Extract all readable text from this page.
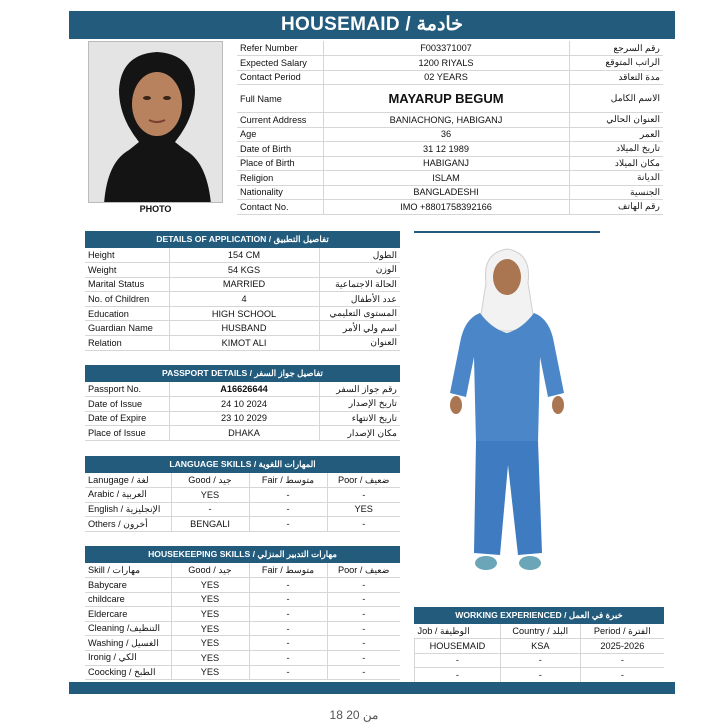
HOUSEMAID / خادمة
PHOTO
Refer Number	F003371007	رقم السرجع
Expected Salary	1200 RIYALS	الراتب المتوقع
Contact Period	02 YEARS	مدة التعاقد
Full Name	MAYARUP BEGUM	الاسم الكامل
Current Address	BANIACHONG, HABIGANJ	العنوان الحالي
Age	36	العمر
Date of Birth	31 12 1989	تاريخ الميلاد
Place of Birth	HABIGANJ	مكان الميلاد
Religion	ISLAM	الديانة
Nationality	BANGLADESHI	الجنسية
Contact No.	IMO +8801758392166	رقم الهاتف
DETAILS OF APPLICATION / تفاصيل التطبيق
Height	154 CM	الطول
Weight	54 KGS	الوزن
Marital Status	MARRIED	الحالة الاجتماعية
No. of Children	4	عدد الأطفال
Education	HIGH SCHOOL	المستوى التعليمي
Guardian Name	HUSBAND	اسم ولي الأمر
Relation	KIMOT ALI	العنوان
PASSPORT DETAILS / تفاصيل جواز السفر
Passport No.	A16626644	رقم جواز السفر
Date of Issue	24 10 2024	تاريخ الإصدار
Date of Expire	23 10 2029	تاريخ الانتهاء
Place of Issue	DHAKA	مكان الإصدار
LANGUAGE SKILLS / المهارات اللغوية
Lanugage / لغة	Good / جيد	Fair / متوسط	Poor / ضعيف
Arabic / العربية	YES	-	-
English / الإنجليزية	-	-	YES
Others / أخرون	BENGALI	-	-
HOUSEKEEPING SKILLS / مهارات التدبير المنزلي
Skill / مهارات	Good / جيد	Fair / متوسط	Poor / ضعيف
Babycare	YES	-	-
childcare	YES	-	-
Eldercare	YES	-	-
Cleaning /التنظيف	YES	-	-
Washing / الغسيل	YES	-	-
Ironig / الكي	YES	-	-
Coocking / الطبخ	YES	-	-
WORKING EXPERIENCED / خبرة في العمل
Job / الوظيفة	Country / البلد	Period / الفترة
HOUSEMAID	KSA	2025-2026
-	-	-
-	-	-
18 من 20
